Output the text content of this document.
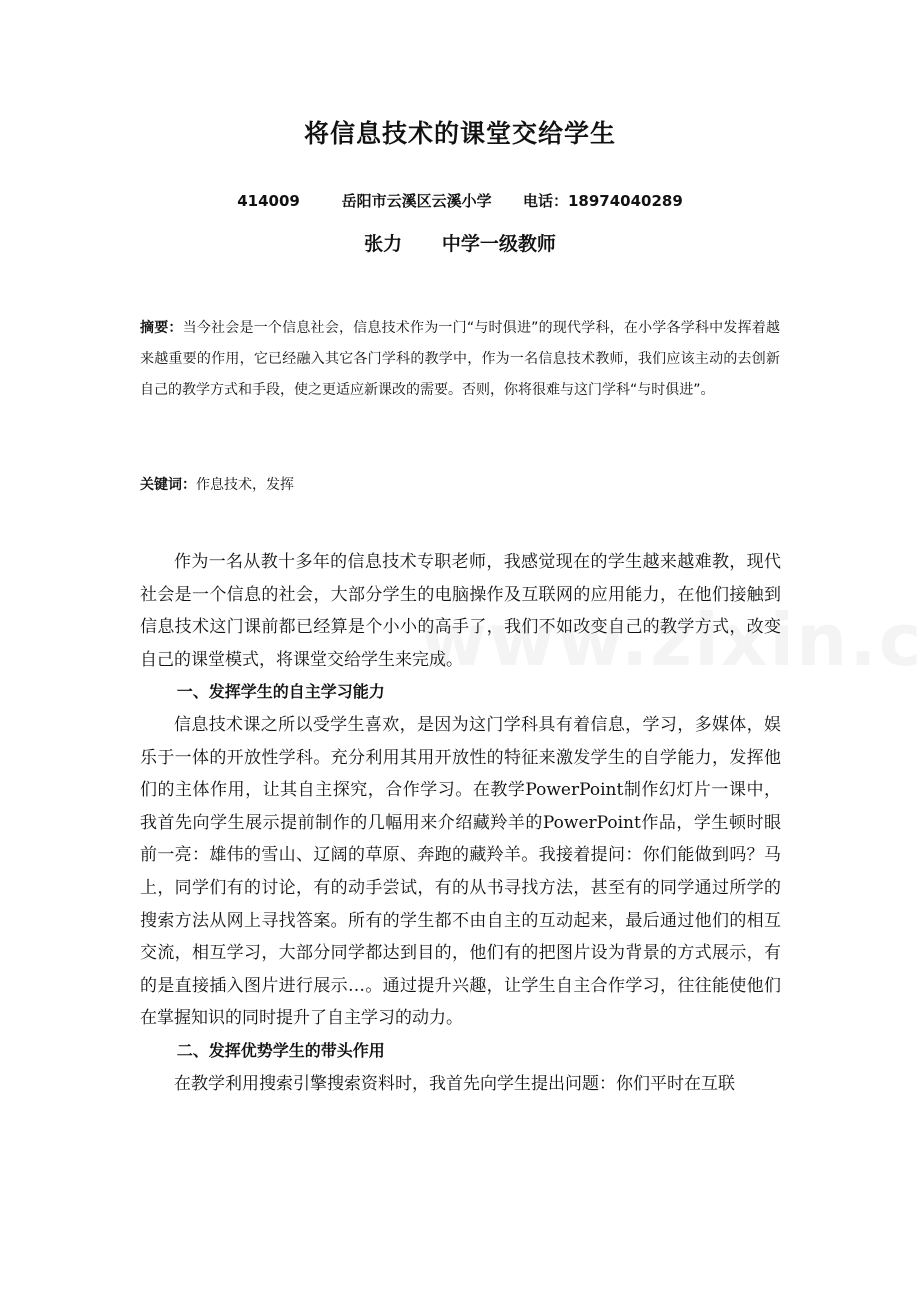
将信息技术的课堂交给学生
414009	岳阳市云溪区云溪小学 电话：18974040289
张力 中学一级教师
摘要：当今社会是一个信息社会，信息技术作为一门“与时俱进”的现代学科，在小学各学科中发挥着越来越重要的作用，它已经融入其它各门学科的教学中，作为一名信息技术教师，我们应该主动的去创新自己的教学方式和手段，使之更适应新课改的需要。否则，你将很难与这门学科“与时俱进”。
关键词：作息技术，发挥

作为一名从教十多年的信息技术专职老师，我感觉现在的学生越来越难教，现代社会是一个信息的社会，大部分学生的电脑操作及互联网的应用能力，在他们接触到信息技术这门课前都已经算是个小小的高手了，我们不如改变自己的教学方式，改变自己的课堂模式，将课堂交给学生来完成。

一、发挥学生的自主学习能力

信息技术课之所以受学生喜欢，是因为这门学科具有着信息，学习，多媒体，娱乐于一体的开放性学科。充分利用其用开放性的特征来激发学生的自学能力，发挥他们的主体作用，让其自主探究，合作学习。在教学PowerPoint制作幻灯片一课中，我首先向学生展示提前制作的几幅用来介绍藏羚羊的PowerPoint作品，学生顿时眼前一亮：雄伟的雪山、辽阔的草原、奔跑的藏羚羊。我接着提问：你们能做到吗？马上，同学们有的讨论，有的动手尝试，有的从书寻找方法，甚至有的同学通过所学的搜索方法从网上寻找答案。所有的学生都不由自主的互动起来，最后通过他们的相互交流，相互学习，大部分同学都达到目的，他们有的把图片设为背景的方式展示，有的是直接插入图片进行展示…。通过提升兴趣，让学生自主合作学习，往往能使他们在掌握知识的同时提升了自主学习的动力。

二、发挥优势学生的带头作用

在教学利用搜索引擎搜索资料时，我首先向学生提出问题：你们平时在互联
